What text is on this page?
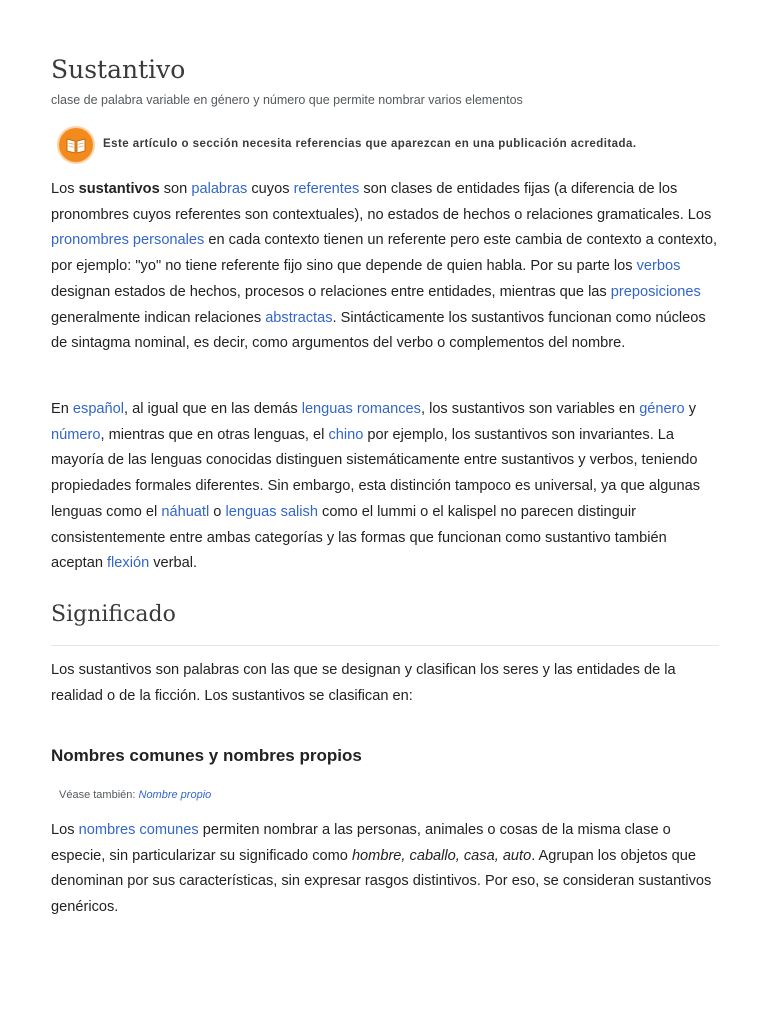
Sustantivo
clase de palabra variable en género y número que permite nombrar varios elementos
Este artículo o sección necesita referencias que aparezcan en una publicación acreditada.

Los sustantivos son palabras cuyos referentes son clases de entidades fijas (a diferencia de los pronombres cuyos referentes son contextuales), no estados de hechos o relaciones gramaticales. Los pronombres personales en cada contexto tienen un referente pero este cambia de contexto a contexto, por ejemplo: "yo" no tiene referente fijo sino que depende de quien habla. Por su parte los verbos designan estados de hechos, procesos o relaciones entre entidades, mientras que las preposiciones generalmente indican relaciones abstractas. Sintácticamente los sustantivos funcionan como núcleos de sintagma nominal, es decir, como argumentos del verbo o complementos del nombre.

En español, al igual que en las demás lenguas romances, los sustantivos son variables en género y número, mientras que en otras lenguas, el chino por ejemplo, los sustantivos son invariantes. La mayoría de las lenguas conocidas distinguen sistemáticamente entre sustantivos y verbos, teniendo propiedades formales diferentes. Sin embargo, esta distinción tampoco es universal, ya que algunas lenguas como el náhuatl o lenguas salish como el lummi o el kalispel no parecen distinguir consistentemente entre ambas categorías y las formas que funcionan como sustantivo también aceptan flexión verbal.

Significado

Los sustantivos son palabras con las que se designan y clasifican los seres y las entidades de la realidad o de la ficción. Los sustantivos se clasifican en:

Nombres comunes y nombres propios
Véase también: Nombre propio

Los nombres comunes permiten nombrar a las personas, animales o cosas de la misma clase o especie, sin particularizar su significado como hombre, caballo, casa, auto. Agrupan los objetos que denominan por sus características, sin expresar rasgos distintivos. Por eso, se consideran sustantivos genéricos.
